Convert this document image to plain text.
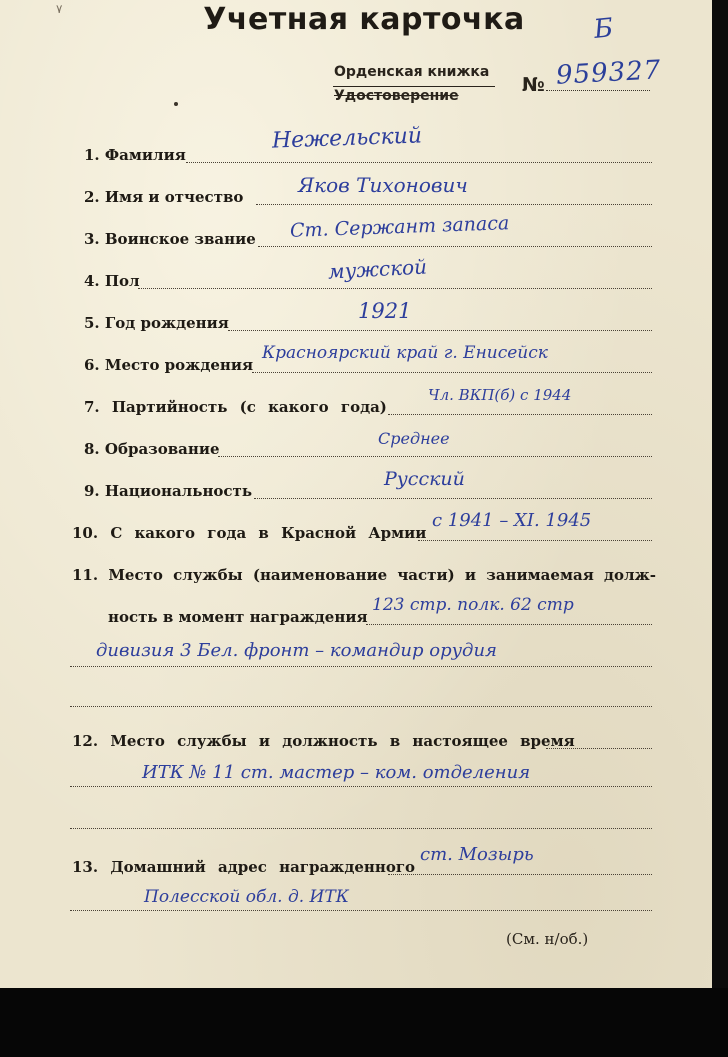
٧	Учетная карточка	Б
Орденская книжка
Удостоверение	№ 959327
1. Фамилия
Нежельский
2. Имя и отчество	Яков Тихонович
3. Воинское звание Ст. Сержант запаса
4. Пол	мужской
5. Год рождения	1921
6. Место рождения
Красноярский край г. Енисейск
7. Партийность (с какого года)
Чл. ВКП(б) с 1944
8. Образование
Среднее
9. Национальность
Русский
10. С какого года в Красной Армии
с 1941 – XI. 1945
11. Место службы (наименование части) и занимаемая долж-
ность в момент награждения
123 стр. полк. 62 стр
дивизия 3 Бел. фронт – командир орудия
12. Место службы и должность в настоящее время
ИТК № 11 ст. мастер – ком. отделения
13. Домашний адрес награжденного
ст. Мозырь
Полесской обл. д. ИТК
(См. н/об.)
